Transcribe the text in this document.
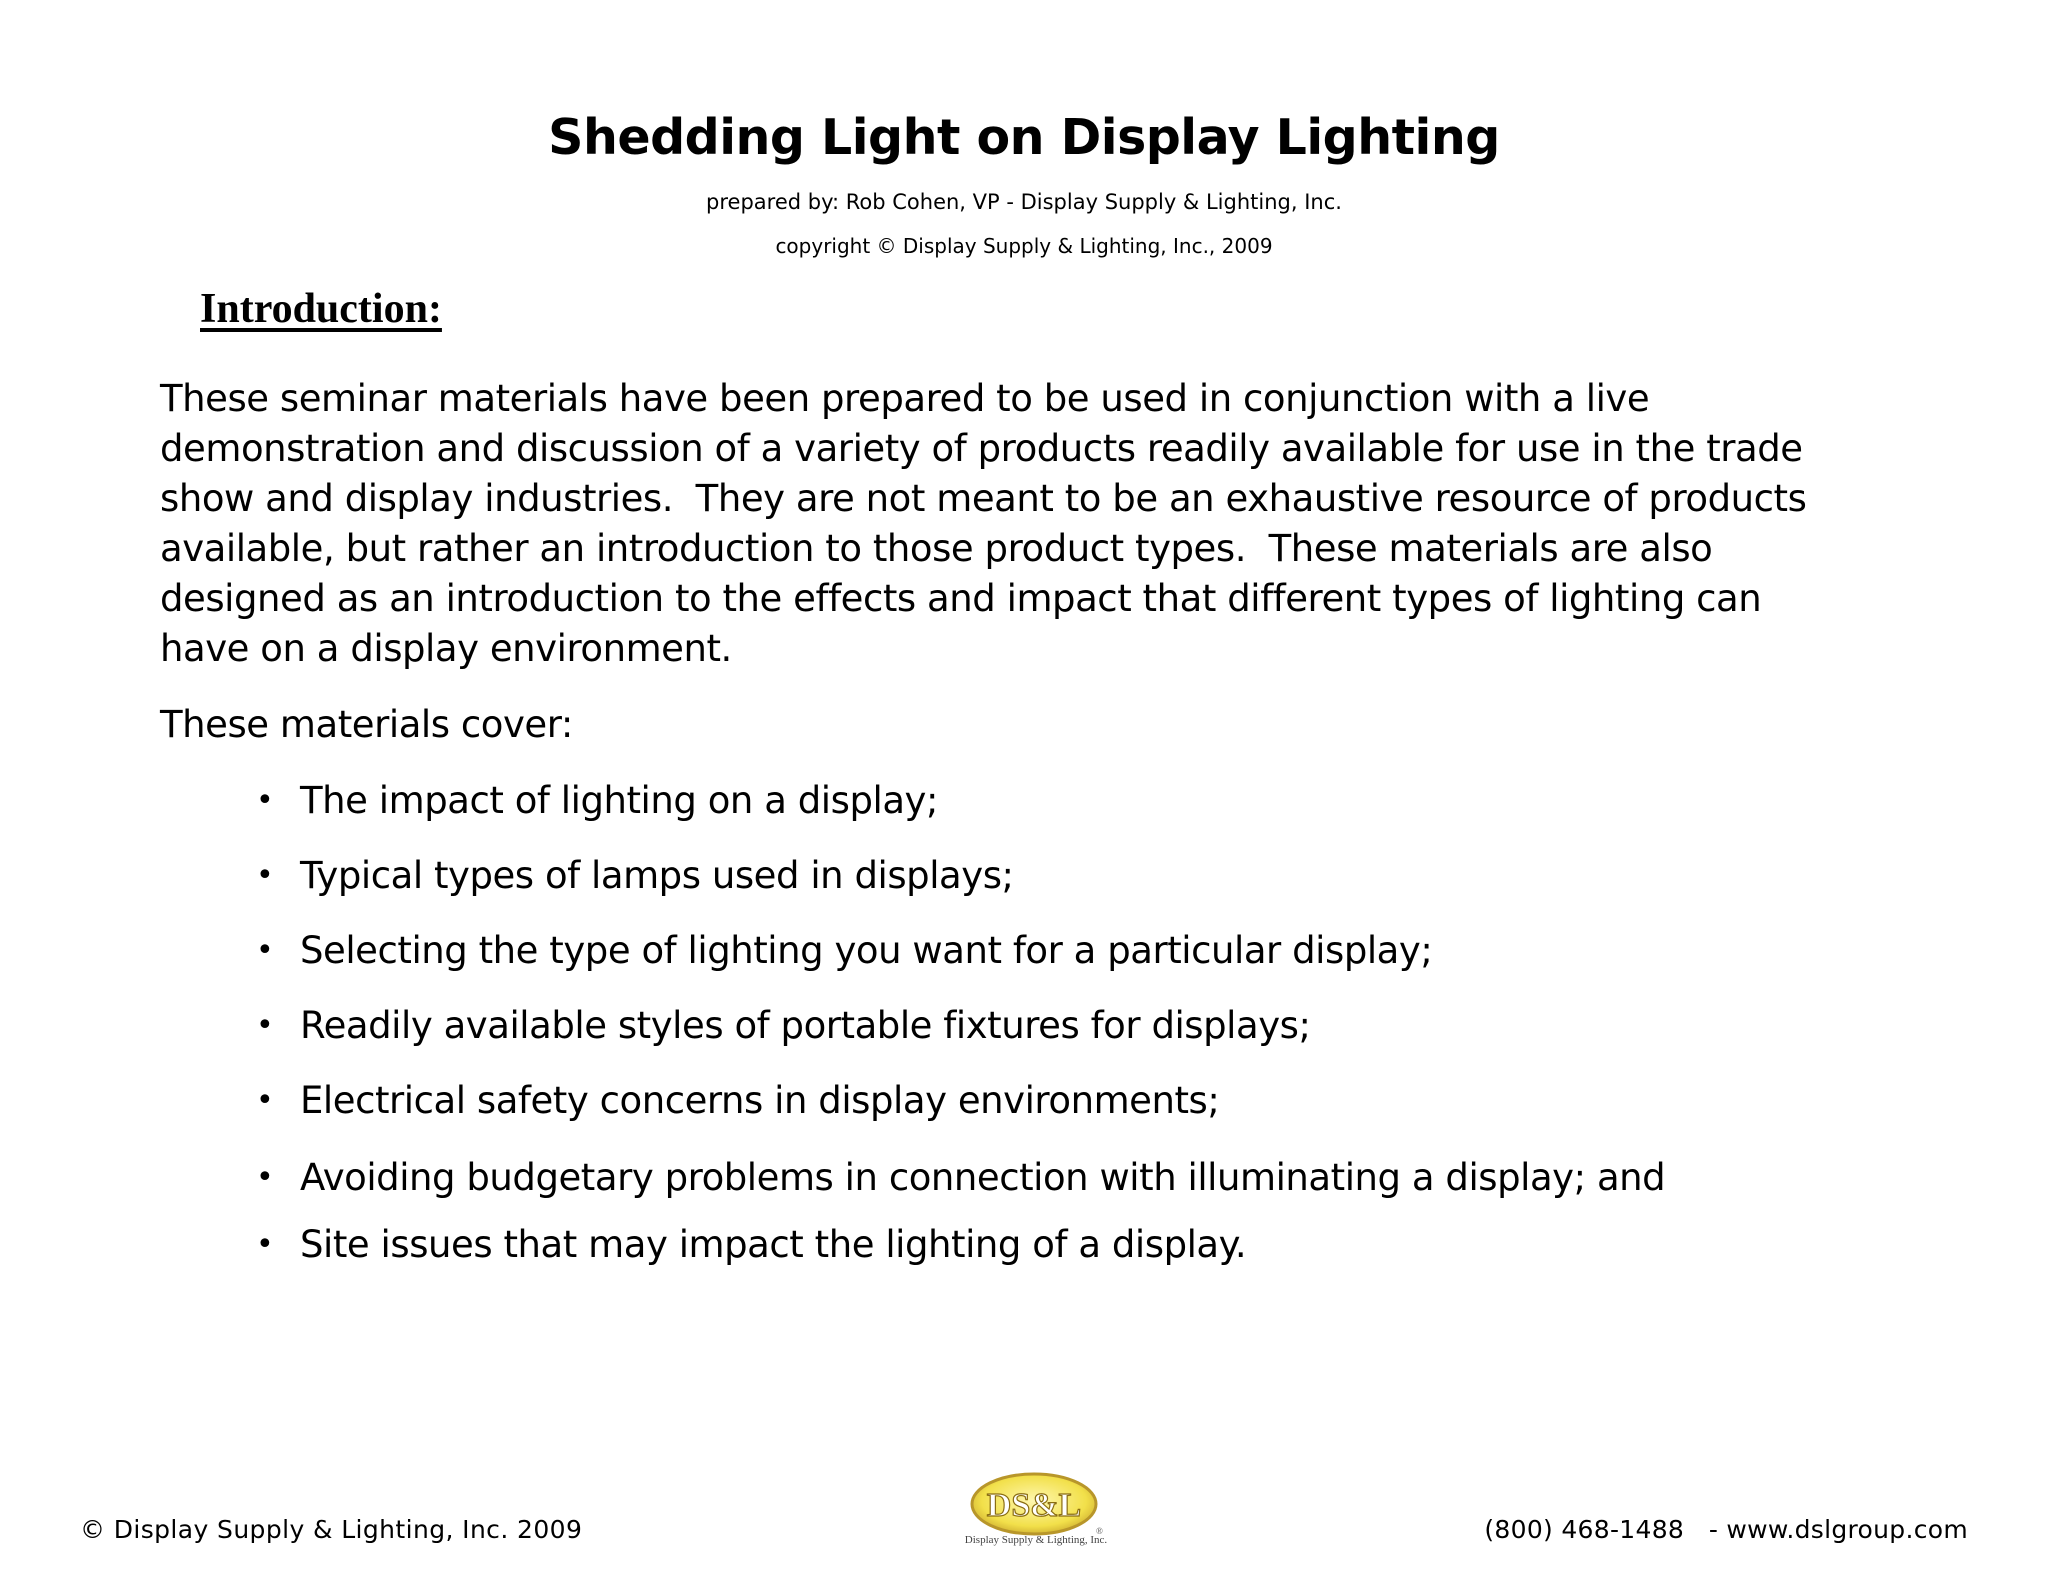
Shedding Light on Display Lighting
prepared by: Rob Cohen, VP - Display Supply & Lighting, Inc.
copyright © Display Supply & Lighting, Inc., 2009
Introduction:
These seminar materials have been prepared to be used in conjunction with a live
demonstration and discussion of a variety of products readily available for use in the trade
show and display industries.  They are not meant to be an exhaustive resource of products
available, but rather an introduction to those product types.  These materials are also
designed as an introduction to the effects and impact that different types of lighting can
have on a display environment.
These materials cover:
• The impact of lighting on a display;
• Typical types of lamps used in displays;
• Selecting the type of lighting you want for a particular display;
• Readily available styles of portable fixtures for displays;
• Electrical safety concerns in display environments;
• Avoiding budgetary problems in connection with illuminating a display; and
• Site issues that may impact the lighting of a display.
© Display Supply & Lighting, Inc. 2009
DS&L
®
Display Supply & Lighting, Inc.	(800) 468-1488   - www.dslgroup.com
